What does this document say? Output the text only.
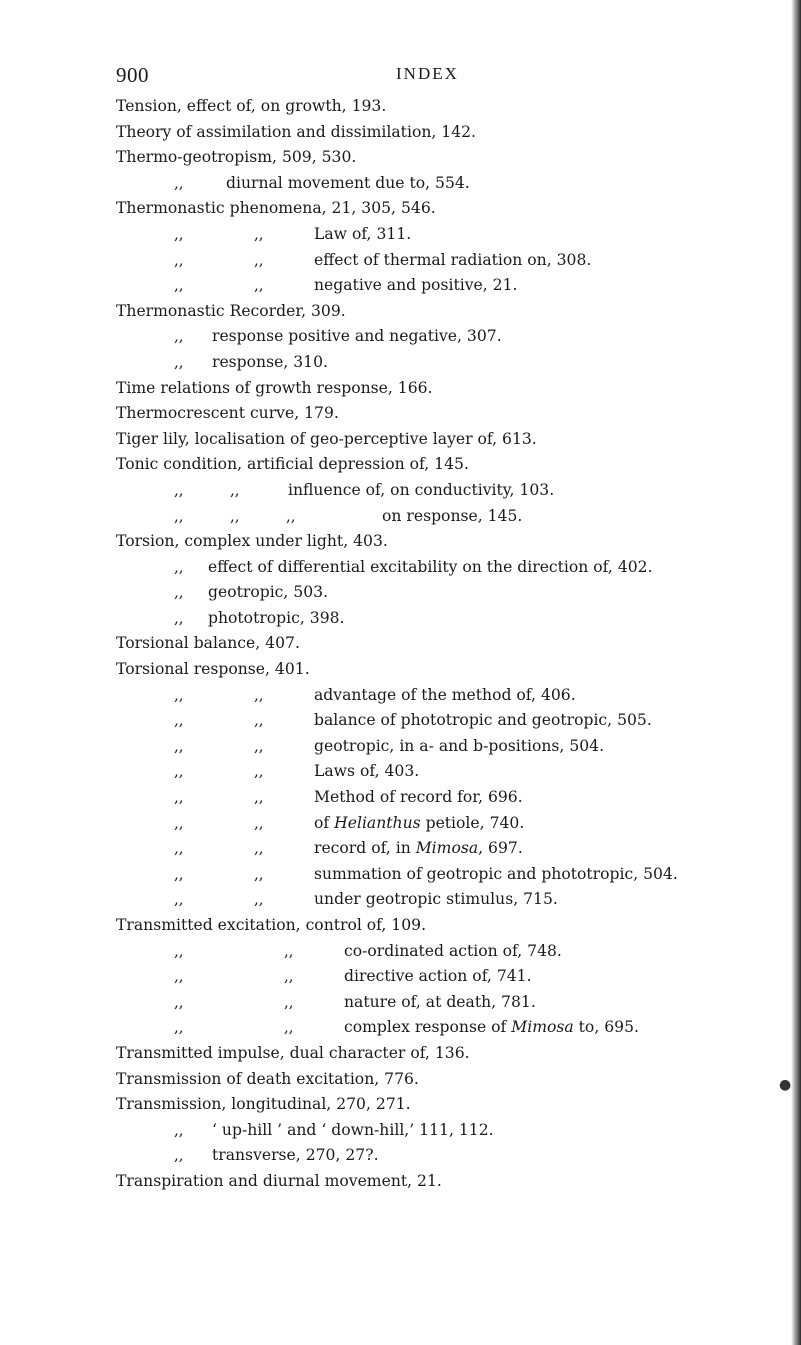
900	INDEX
Tension, effect of, on growth, 193.
Theory of assimilation and dissimilation, 142.
Thermo-geotropism, 509, 530.
,,	diurnal movement due to, 554.
Thermonastic phenomena, 21, 305, 546.
,,	,,	Law of, 311.
,,	,,	effect of thermal radiation on, 308.
,,	,,	negative and positive, 21.
Thermonastic Recorder, 309.
,, response positive and negative, 307.
,, response, 310.
Time relations of growth response, 166.
Thermocrescent curve, 179.
Tiger lily, localisation of geo-perceptive layer of, 613.
Tonic condition, artificial depression of, 145.
,,	,,	influence of, on conductivity, 103.
,,	,,	,,	on response, 145.
Torsion, complex under light, 403.
,, effect of differential excitability on the direction of, 402.
,, geotropic, 503.
,, phototropic, 398.
Torsional balance, 407.
Torsional response, 401.
,,	,,	advantage of the method of, 406.
,,	,,	balance of phototropic and geotropic, 505.
,,	,,	geotropic, in a- and b-positions, 504.
,,	,,	Laws of, 403.
,,	,,	Method of record for, 696.
,,	,,	of Helianthus petiole, 740.
,,	,,	record of, in Mimosa, 697.
,,	,,	summation of geotropic and phototropic, 504.
,,	,,	under geotropic stimulus, 715.
Transmitted excitation, control of, 109.
,,	,,	co-ordinated action of, 748.
,,	,,	directive action of, 741.
,,	,,	nature of, at death, 781.
,,	,,	complex response of Mimosa to, 695.
Transmitted impulse, dual character of, 136.
Transmission of death excitation, 776.	●
Transmission, longitudinal, 270, 271.
,, ‘ up-hill ’ and ‘ down-hill,’ 111, 112.
,, transverse, 270, 27?.
Transpiration and diurnal movement, 21.
